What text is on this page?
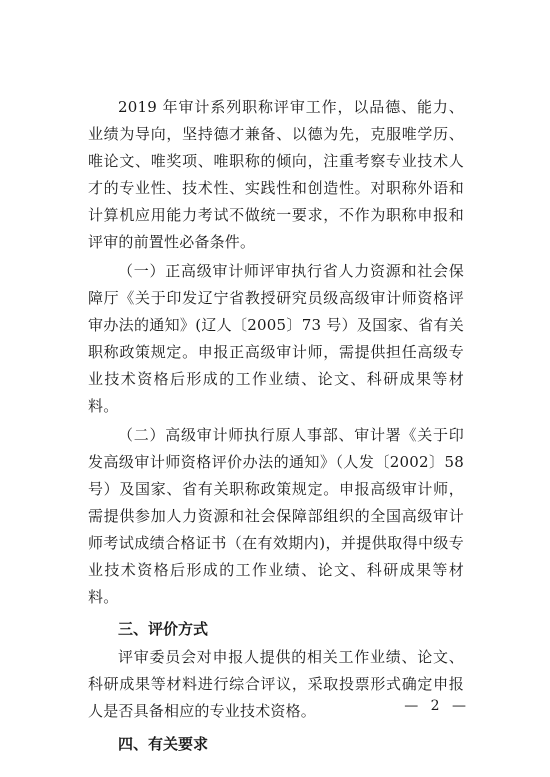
2019 年审计系列职称评审工作，以品德、能力、业绩为导向，坚持德才兼备、以德为先，克服唯学历、唯论文、唯奖项、唯职称的倾向，注重考察专业技术人才的专业性、技术性、实践性和创造性。对职称外语和计算机应用能力考试不做统一要求，不作为职称申报和评审的前置性必备条件。

（一）正高级审计师评审执行省人力资源和社会保障厅《关于印发辽宁省教授研究员级高级审计师资格评审办法的通知》(辽人〔2005〕73 号）及国家、省有关职称政策规定。申报正高级审计师，需提供担任高级专业技术资格后形成的工作业绩、论文、科研成果等材料。

（二）高级审计师执行原人事部、审计署《关于印发高级审计师资格评价办法的通知》（人发〔2002〕58 号）及国家、省有关职称政策规定。申报高级审计师，需提供参加人力资源和社会保障部组织的全国高级审计师考试成绩合格证书（在有效期内)，并提供取得中级专业技术资格后形成的工作业绩、论文、科研成果等材料。

三、评价方式

评审委员会对申报人提供的相关工作业绩、论文、科研成果等材料进行综合评议，采取投票形式确定申报人是否具备相应的专业技术资格。

四、有关要求

— 2 —
